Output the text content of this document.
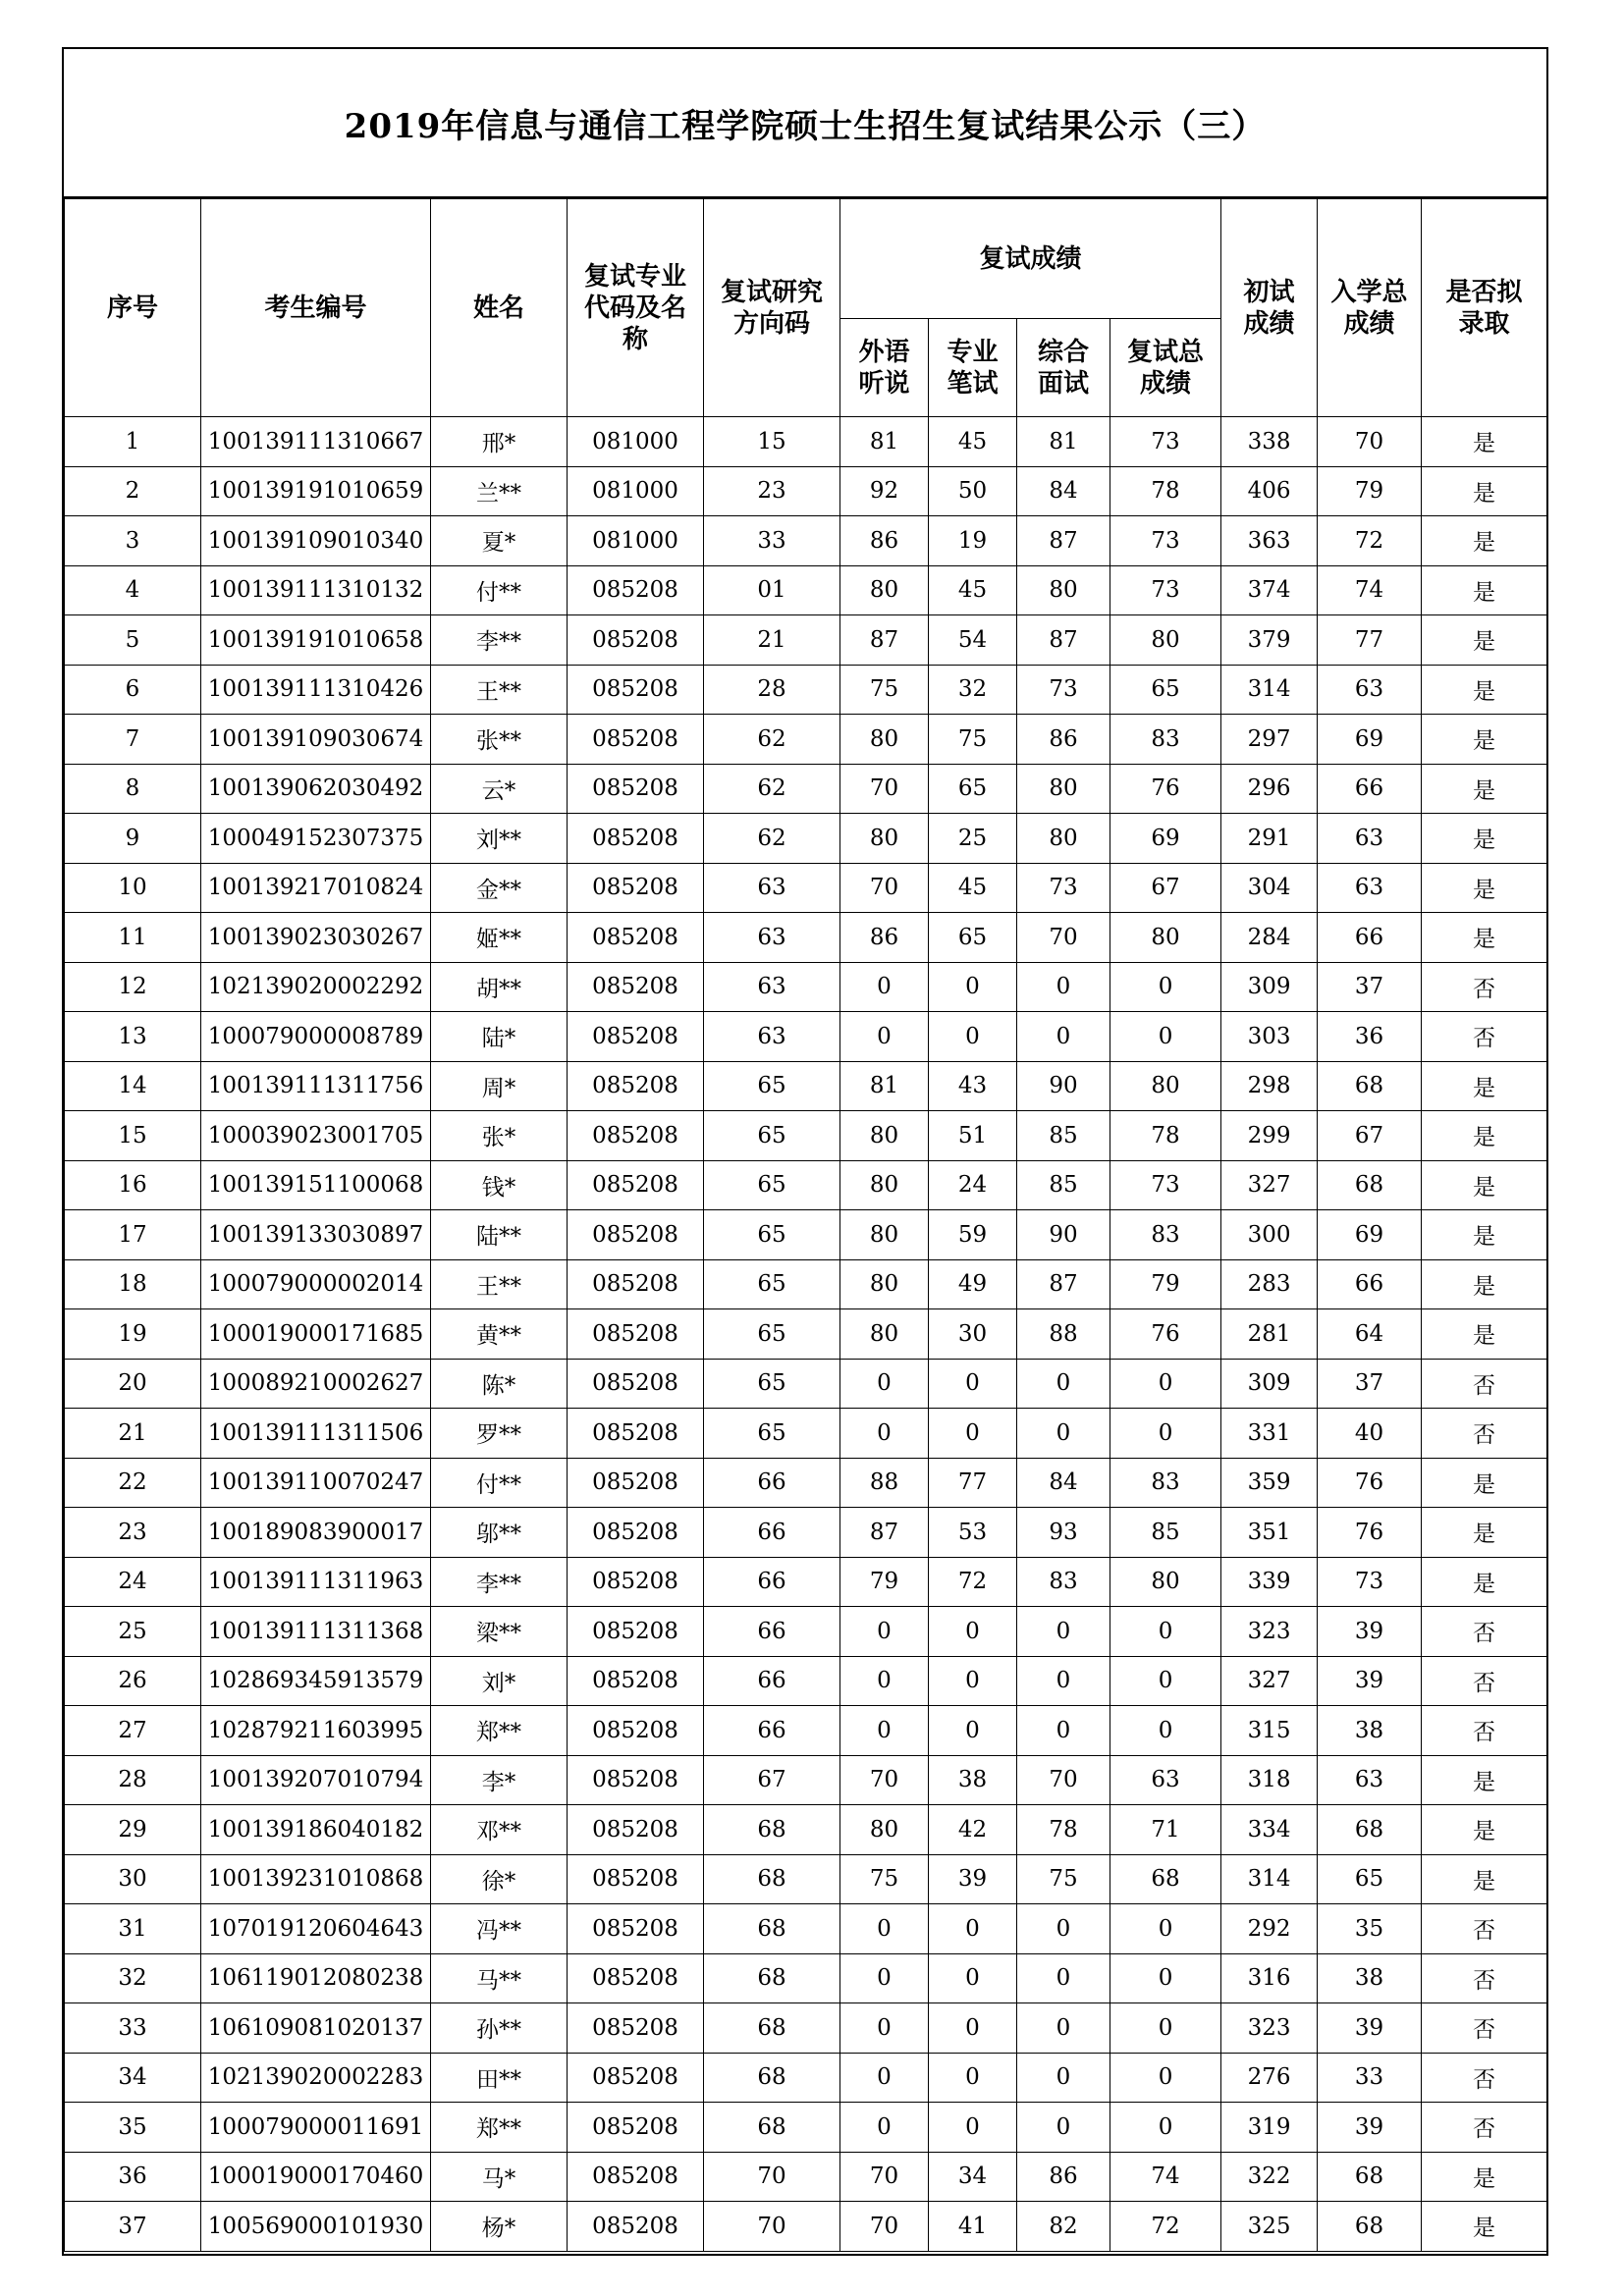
2019年信息与通信工程学院硕士生招生复试结果公示（三）
序号	考生编号	姓名	复试专业代码及名称	复试研究方向码	复试成绩				初试成绩	入学总成绩	是否拟录取

					外语听说	专业笔试	综合面试	复试总成绩			

1	100139111310667	邢*	081000	15	81	45	81	73	338	70	是
2	100139191010659	兰**	081000	23	92	50	84	78	406	79	是
3	100139109010340	夏*	081000	33	86	19	87	73	363	72	是
4	100139111310132	付**	085208	01	80	45	80	73	374	74	是
5	100139191010658	李**	085208	21	87	54	87	80	379	77	是
6	100139111310426	王**	085208	28	75	32	73	65	314	63	是
7	100139109030674	张**	085208	62	80	75	86	83	297	69	是
8	100139062030492	云*	085208	62	70	65	80	76	296	66	是
9	100049152307375	刘**	085208	62	80	25	80	69	291	63	是
10	100139217010824	金**	085208	63	70	45	73	67	304	63	是
11	100139023030267	姬**	085208	63	86	65	70	80	284	66	是
12	102139020002292	胡**	085208	63	0	0	0	0	309	37	否
13	100079000008789	陆*	085208	63	0	0	0	0	303	36	否
14	100139111311756	周*	085208	65	81	43	90	80	298	68	是
15	100039023001705	张*	085208	65	80	51	85	78	299	67	是
16	100139151100068	钱*	085208	65	80	24	85	73	327	68	是
17	100139133030897	陆**	085208	65	80	59	90	83	300	69	是
18	100079000002014	王**	085208	65	80	49	87	79	283	66	是
19	100019000171685	黄**	085208	65	80	30	88	76	281	64	是
20	100089210002627	陈*	085208	65	0	0	0	0	309	37	否
21	100139111311506	罗**	085208	65	0	0	0	0	331	40	否
22	100139110070247	付**	085208	66	88	77	84	83	359	76	是
23	100189083900017	邬**	085208	66	87	53	93	85	351	76	是
24	100139111311963	李**	085208	66	79	72	83	80	339	73	是
25	100139111311368	梁**	085208	66	0	0	0	0	323	39	否
26	102869345913579	刘*	085208	66	0	0	0	0	327	39	否
27	102879211603995	郑**	085208	66	0	0	0	0	315	38	否
28	100139207010794	李*	085208	67	70	38	70	63	318	63	是
29	100139186040182	邓**	085208	68	80	42	78	71	334	68	是
30	100139231010868	徐*	085208	68	75	39	75	68	314	65	是
31	107019120604643	冯**	085208	68	0	0	0	0	292	35	否
32	106119012080238	马**	085208	68	0	0	0	0	316	38	否
33	106109081020137	孙**	085208	68	0	0	0	0	323	39	否
34	102139020002283	田**	085208	68	0	0	0	0	276	33	否
35	100079000011691	郑**	085208	68	0	0	0	0	319	39	否
36	100019000170460	马*	085208	70	70	34	86	74	322	68	是
37	100569000101930	杨*	085208	70	70	41	82	72	325	68	是
